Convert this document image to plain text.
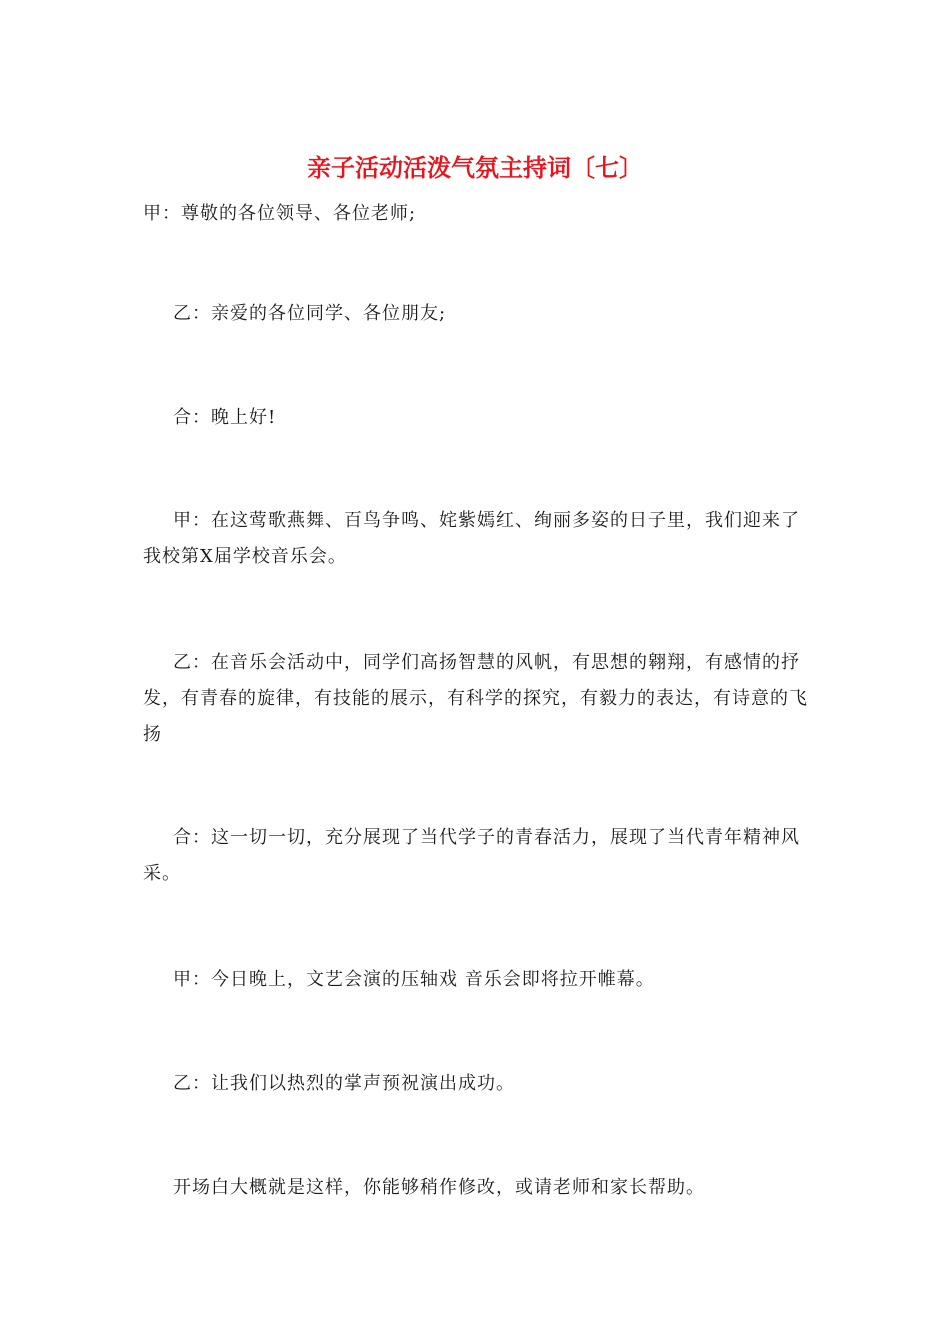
亲子活动活泼气氛主持词〔七〕

甲：尊敬的各位领导、各位老师;

乙：亲爱的各位同学、各位朋友;

合：晚上好!

甲：在这莺歌燕舞、百鸟争鸣、姹紫嫣红、绚丽多姿的日子里，我们迎来了我校第X届学校音乐会。

乙：在音乐会活动中，同学们高扬智慧的风帆，有思想的翱翔，有感情的抒发，有青春的旋律，有技能的展示，有科学的探究，有毅力的表达，有诗意的飞扬

合：这一切一切，充分展现了当代学子的青春活力，展现了当代青年精神风采。

甲：今日晚上，文艺会演的压轴戏 音乐会即将拉开帷幕。

乙：让我们以热烈的掌声预祝演出成功。

开场白大概就是这样，你能够稍作修改，或请老师和家长帮助。
